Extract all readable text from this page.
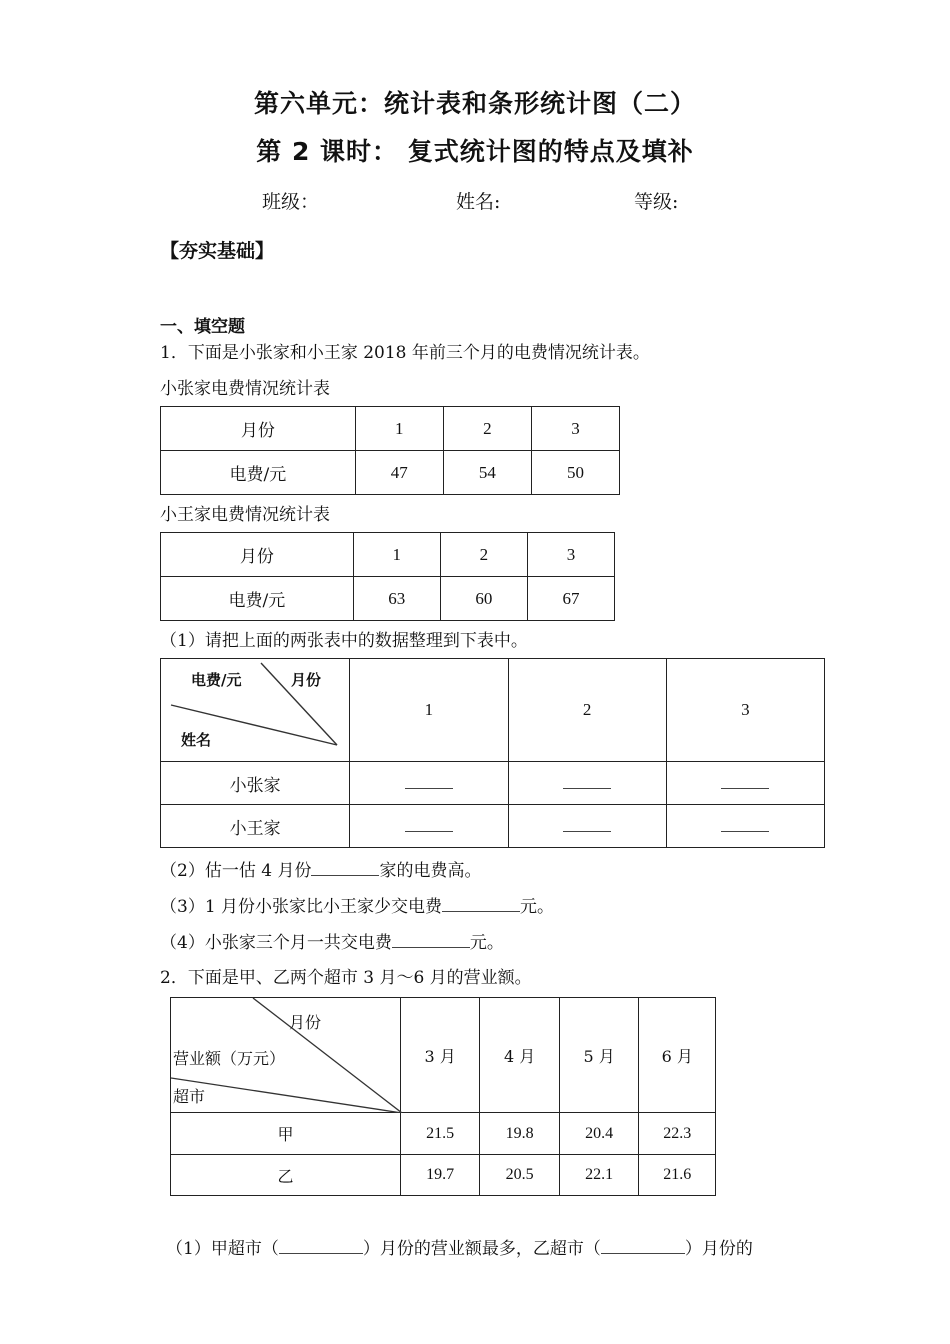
第六单元：统计表和条形统计图（二）
第 2 课时： 复式统计图的特点及填补
班级：	姓名:	等级:
【夯实基础】
一、填空题
1．下面是小张家和小王家 2018 年前三个月的电费情况统计表。
小张家电费情况统计表
月份	1	2	3
电费/元	47	54	50
小王家电费情况统计表
月份	1	2	3
电费/元	63	60	67
（1）请把上面的两张表中的数据整理到下表中。
电费/元 月份
姓名	1	2	3
小张家			
小王家			
（2）估一估 4 月份	家的电费高。
（3）1 月份小张家比小王家少交电费	元。
（4）小张家三个月一共交电费	元。
2．下面是甲、乙两个超市 3 月～6 月的营业额。
月份
营业额（万元）
超市	3 月	4 月	5 月	6 月
甲	21.5	19.8	20.4	22.3
乙	19.7	20.5	22.1	21.6
（1）甲超市（	）月份的营业额最多，乙超市（	）月份的
